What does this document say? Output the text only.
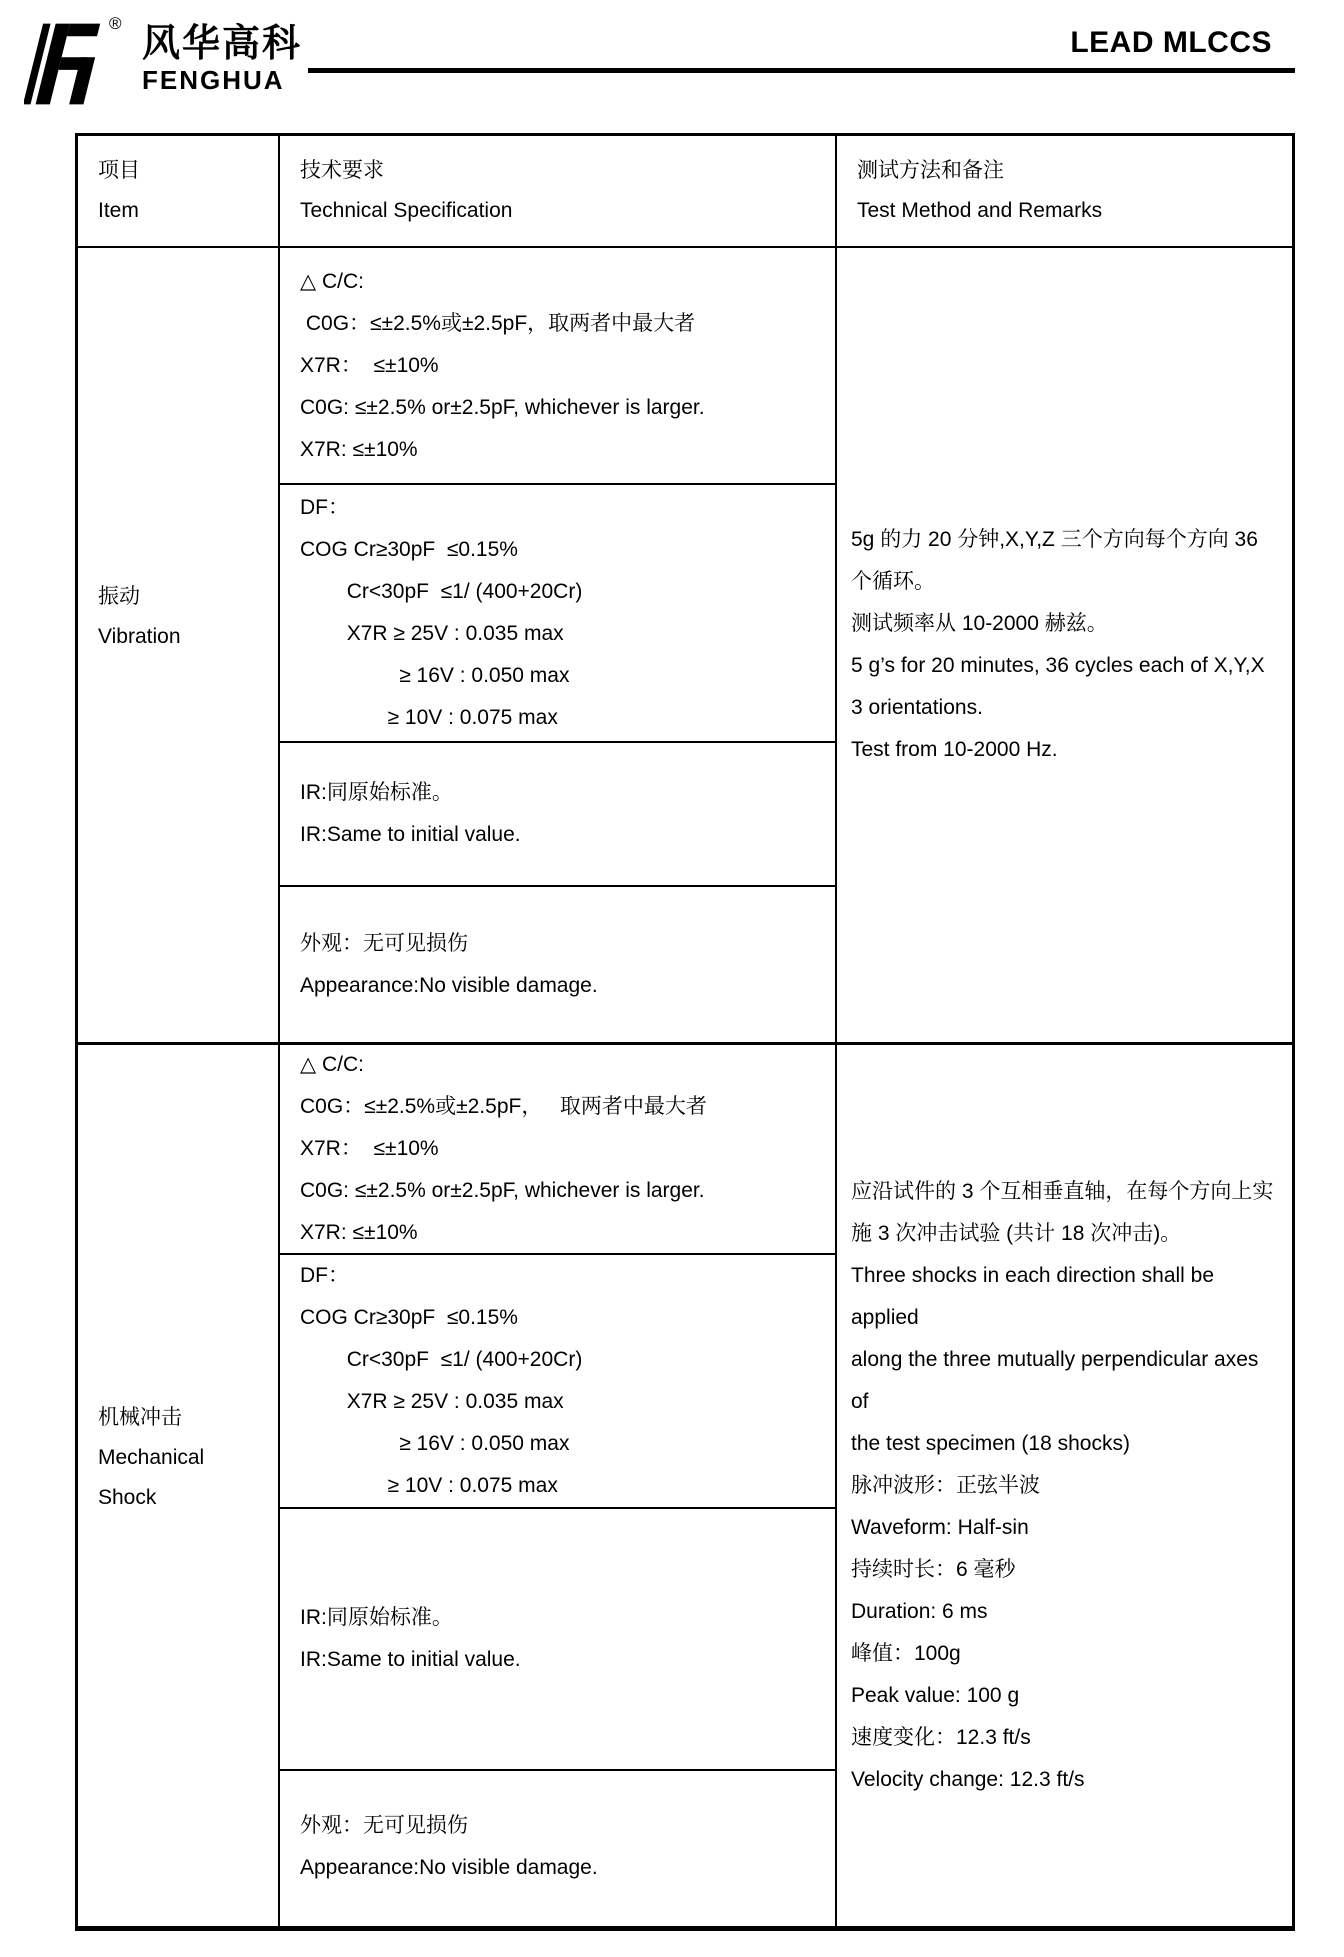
® 风华高科
FENGHUA
LEAD MLCCS
项目
Item
技术要求
Technical Specification
测试方法和备注
Test Method and Remarks
振动
Vibration
△ C/C:
C0G：≤±2.5%或±2.5pF，取两者中最大者
X7R：  ≤±10%
C0G: ≤±2.5% or±2.5pF, whichever is larger.
X7R: ≤±10%
DF：
COG Cr≥30pF  ≤0.15%
Cr<30pF  ≤1/ (400+20Cr)
X7R ≥ 25V : 0.035 max
≥ 16V : 0.050 max
≥ 10V : 0.075 max
IR:同原始标准。
IR:Same to initial value.
外观：无可见损伤
Appearance:No visible damage.
5g 的力 20 分钟,X,Y,Z 三个方向每个方向 36
个循环。
测试频率从 10-2000 赫兹。
5 g’s for 20 minutes, 36 cycles each of X,Y,X
3 orientations.
Test from 10-2000 Hz.
机械冲击
Mechanical
Shock
△ C/C:
C0G：≤±2.5%或±2.5pF，   取两者中最大者
X7R：  ≤±10%
C0G: ≤±2.5% or±2.5pF, whichever is larger.
X7R: ≤±10%
DF：
COG Cr≥30pF  ≤0.15%
Cr<30pF  ≤1/ (400+20Cr)
X7R ≥ 25V : 0.035 max
≥ 16V : 0.050 max
≥ 10V : 0.075 max
IR:同原始标准。
IR:Same to initial value.
外观：无可见损伤
Appearance:No visible damage.
应沿试件的 3 个互相垂直轴，在每个方向上实
施 3 次冲击试验 (共计 18 次冲击)。
Three shocks in each direction shall be applied
along the three mutually perpendicular axes of
the test specimen (18 shocks)
脉冲波形：正弦半波
Waveform: Half-sin
持续时长：6 毫秒
Duration: 6 ms
峰值：100g
Peak value: 100 g
速度变化：12.3 ft/s
Velocity change: 12.3 ft/s
